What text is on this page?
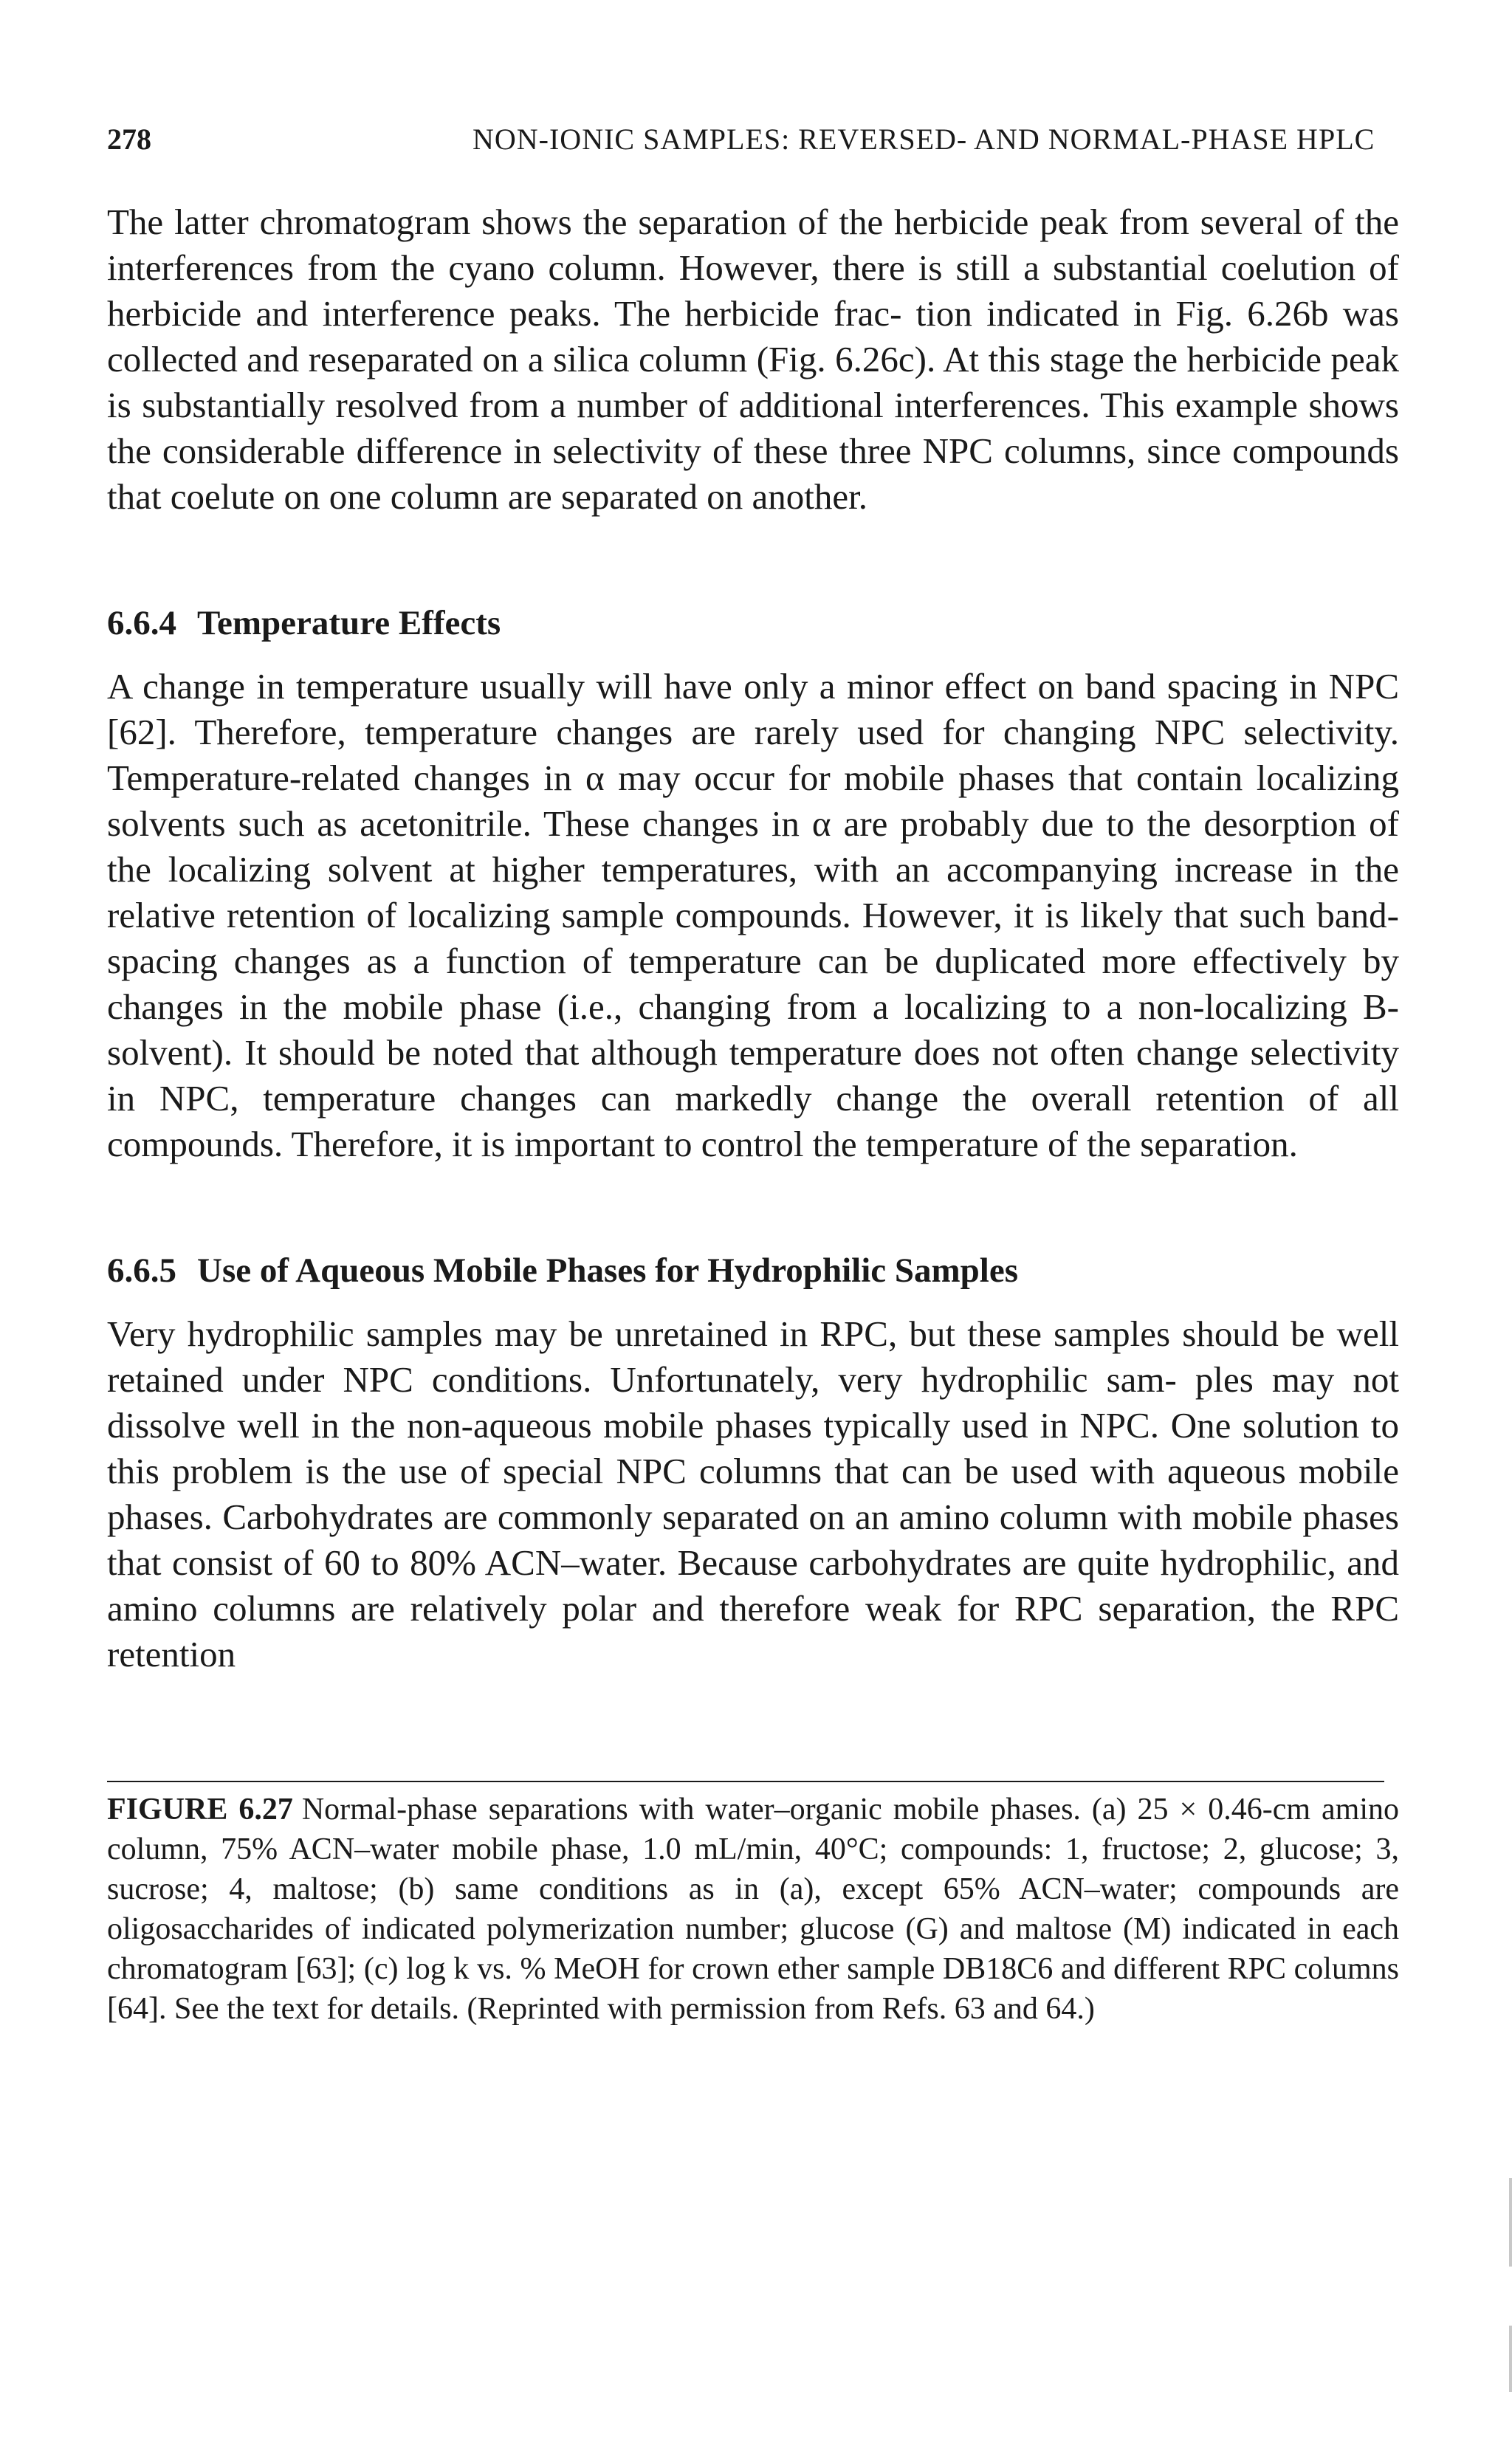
278	NON-IONIC SAMPLES: REVERSED- AND NORMAL-PHASE HPLC

The latter chromatogram shows the separation of the herbicide peak from several of the interferences from the cyano column. However, there is still a substantial coelution of herbicide and interference peaks. The herbicide frac- tion indicated in Fig. 6.26b was collected and reseparated on a silica column (Fig. 6.26c). At this stage the herbicide peak is substantially resolved from a number of additional interferences. This example shows the considerable difference in selectivity of these three NPC columns, since compounds that coelute on one column are separated on another.

6.6.4 Temperature Effects

A change in temperature usually will have only a minor effect on band spacing in NPC [62]. Therefore, temperature changes are rarely used for changing NPC selectivity. Temperature-related changes in α may occur for mobile phases that contain localizing solvents such as acetonitrile. These changes in α are probably due to the desorption of the localizing solvent at higher temperatures, with an accompanying increase in the relative retention of localizing sample compounds. However, it is likely that such band-spacing changes as a function of temperature can be duplicated more effectively by changes in the mobile phase (i.e., changing from a localizing to a non-localizing B-solvent). It should be noted that although temperature does not often change selectivity in NPC, temperature changes can markedly change the overall retention of all compounds. Therefore, it is important to control the temperature of the separation.

6.6.5 Use of Aqueous Mobile Phases for Hydrophilic Samples

Very hydrophilic samples may be unretained in RPC, but these samples should be well retained under NPC conditions. Unfortunately, very hydrophilic sam- ples may not dissolve well in the non-aqueous mobile phases typically used in NPC. One solution to this problem is the use of special NPC columns that can be used with aqueous mobile phases. Carbohydrates are commonly separated on an amino column with mobile phases that consist of 60 to 80% ACN–water. Because carbohydrates are quite hydrophilic, and amino columns are relatively polar and therefore weak for RPC separation, the RPC retention

FIGURE 6.27 Normal-phase separations with water–organic mobile phases. (a) 25 × 0.46-cm amino column, 75% ACN–water mobile phase, 1.0 mL/min, 40°C; compounds: 1, fructose; 2, glucose; 3, sucrose; 4, maltose; (b) same conditions as in (a), except 65% ACN–water; compounds are oligosaccharides of indicated polymerization number; glucose (G) and maltose (M) indicated in each chromatogram [63]; (c) log k vs. % MeOH for crown ether sample DB18C6 and different RPC columns [64]. See the text for details. (Reprinted with permission from Refs. 63 and 64.)
